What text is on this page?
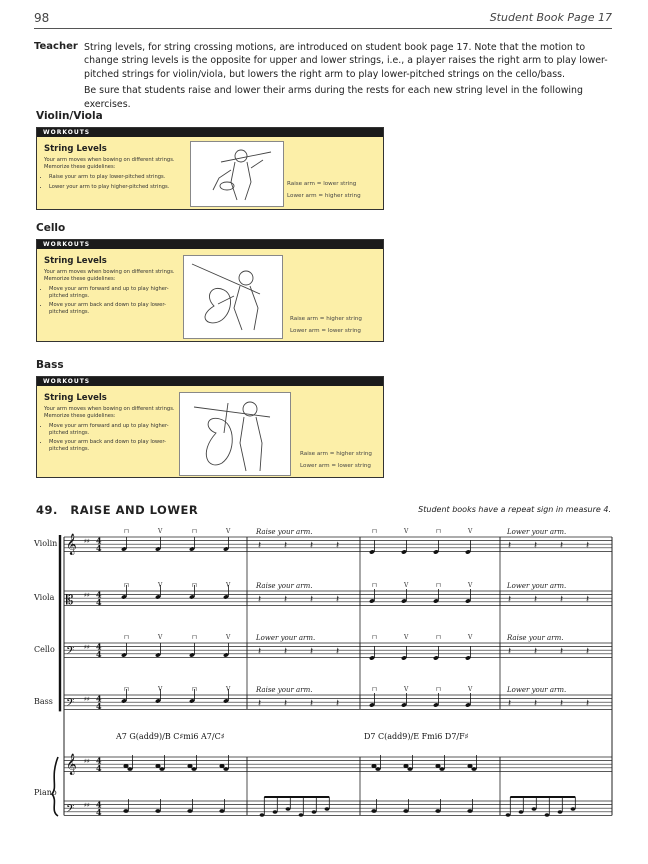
98	Student Book Page 17
Teacher String levels, for string crossing motions, are introduced on student book page 17. Note that the motion to change string levels is the opposite for upper and lower strings, i.e., a player raises the right arm to play lower-pitched strings for violin/viola, but lowers the right arm to play lower-pitched strings on the cello/bass.

Be sure that students raise and lower their arms during the rests for each new string level in the following exercises.

Violin/Viola
WORKOUTS
String Levels
Your arm moves when bowing on different strings. Memorize these guidelines:
• Raise your arm to play lower-pitched strings.
• Lower your arm to play higher-pitched strings.	Raise arm = lower string
Lower arm = higher string
Cello
WORKOUTS
String Levels
Your arm moves when bowing on different strings. Memorize these guidelines:
• Move your arm forward and up to play higher-pitched strings.
• Move your arm back and down to play lower-pitched strings.
Raise arm = higher string
Lower arm = lower string
Bass
WORKOUTS
String Levels
Your arm moves when bowing on different strings. Memorize these guidelines:
• Move your arm forward and up to play higher-pitched strings.
• Move your arm back and down to play lower-pitched strings.
Raise arm = higher string
Lower arm = lower string
49. RAISE AND LOWER	Student books have a repeat sign in measure 4.
Violin
Viola
Cello
Bass
Piano
𝄞 ♯♯ 4
4
𝄡 ♯♯ 4
4
𝄢 ♯♯ 4
4
𝄢 ♯♯ 4
4
𝄞 ♯♯ 4
4
𝄢 ♯♯ 4
4
⊓
𝄽
⊓
𝄽
V
𝄽
V
𝄽
⊓
𝄽
⊓
𝄽
V
𝄽
V
𝄽
Raise your arm.	Lower your arm.
⊓
𝄽
⊓
𝄽
V
𝄽
V
𝄽
⊓
𝄽
⊓
𝄽
V
𝄽
V
𝄽
Raise your arm.	Lower your arm.
⊓
𝄽
⊓
𝄽
V
𝄽
V
𝄽
⊓
𝄽
⊓
𝄽
V
𝄽
V
𝄽
Lower your arm.	Raise your arm.
⊓
𝄽
⊓
𝄽
V
𝄽
V
𝄽
⊓
𝄽
⊓
𝄽
V
𝄽
V
𝄽
Raise your arm.	Lower your arm.
A7 G(add9)/B C♯mi6 A7/C♯	D7 C(add9)/E Fmi6 D7/F♯
